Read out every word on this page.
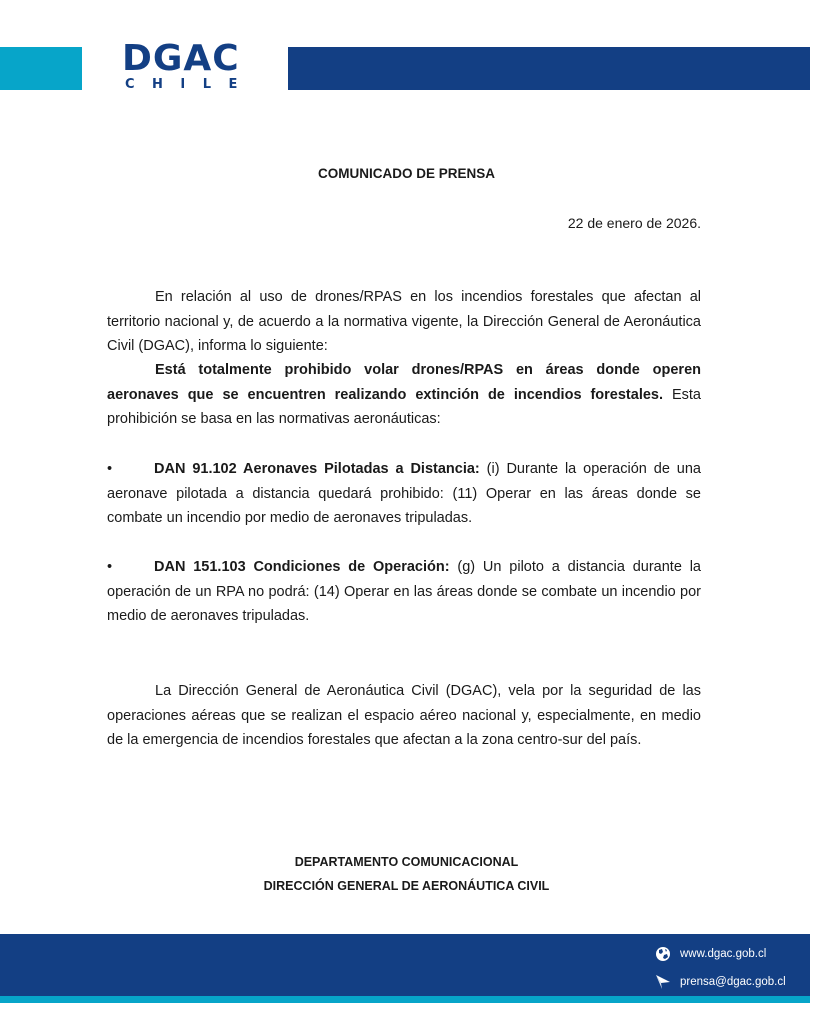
DGAC
CHILE
COMUNICADO DE PRENSA
22 de enero de 2026.
En relación al uso de drones/RPAS en los incendios forestales que afectan al territorio nacional y, de acuerdo a la normativa vigente, la Dirección General de Aeronáutica Civil (DGAC), informa lo siguiente:
Está totalmente prohibido volar drones/RPAS en áreas donde operen aeronaves que se encuentren realizando extinción de incendios forestales. Esta prohibición se basa en las normativas aeronáuticas:
•	DAN 91.102 Aeronaves Pilotadas a Distancia: (i) Durante la operación de una aeronave pilotada a distancia quedará prohibido: (11) Operar en las áreas donde se combate un incendio por medio de aeronaves tripuladas.
•	DAN 151.103 Condiciones de Operación: (g) Un piloto a distancia durante la operación de un RPA no podrá: (14) Operar en las áreas donde se combate un incendio por medio de aeronaves tripuladas.
La Dirección General de Aeronáutica Civil (DGAC), vela por la seguridad de las operaciones aéreas que se realizan el espacio aéreo nacional y, especialmente, en medio de la emergencia de incendios forestales que afectan a la zona centro-sur del país.
DEPARTAMENTO COMUNICACIONAL
DIRECCIÓN GENERAL DE AERONÁUTICA CIVIL
www.dgac.gob.cl
prensa@dgac.gob.cl
